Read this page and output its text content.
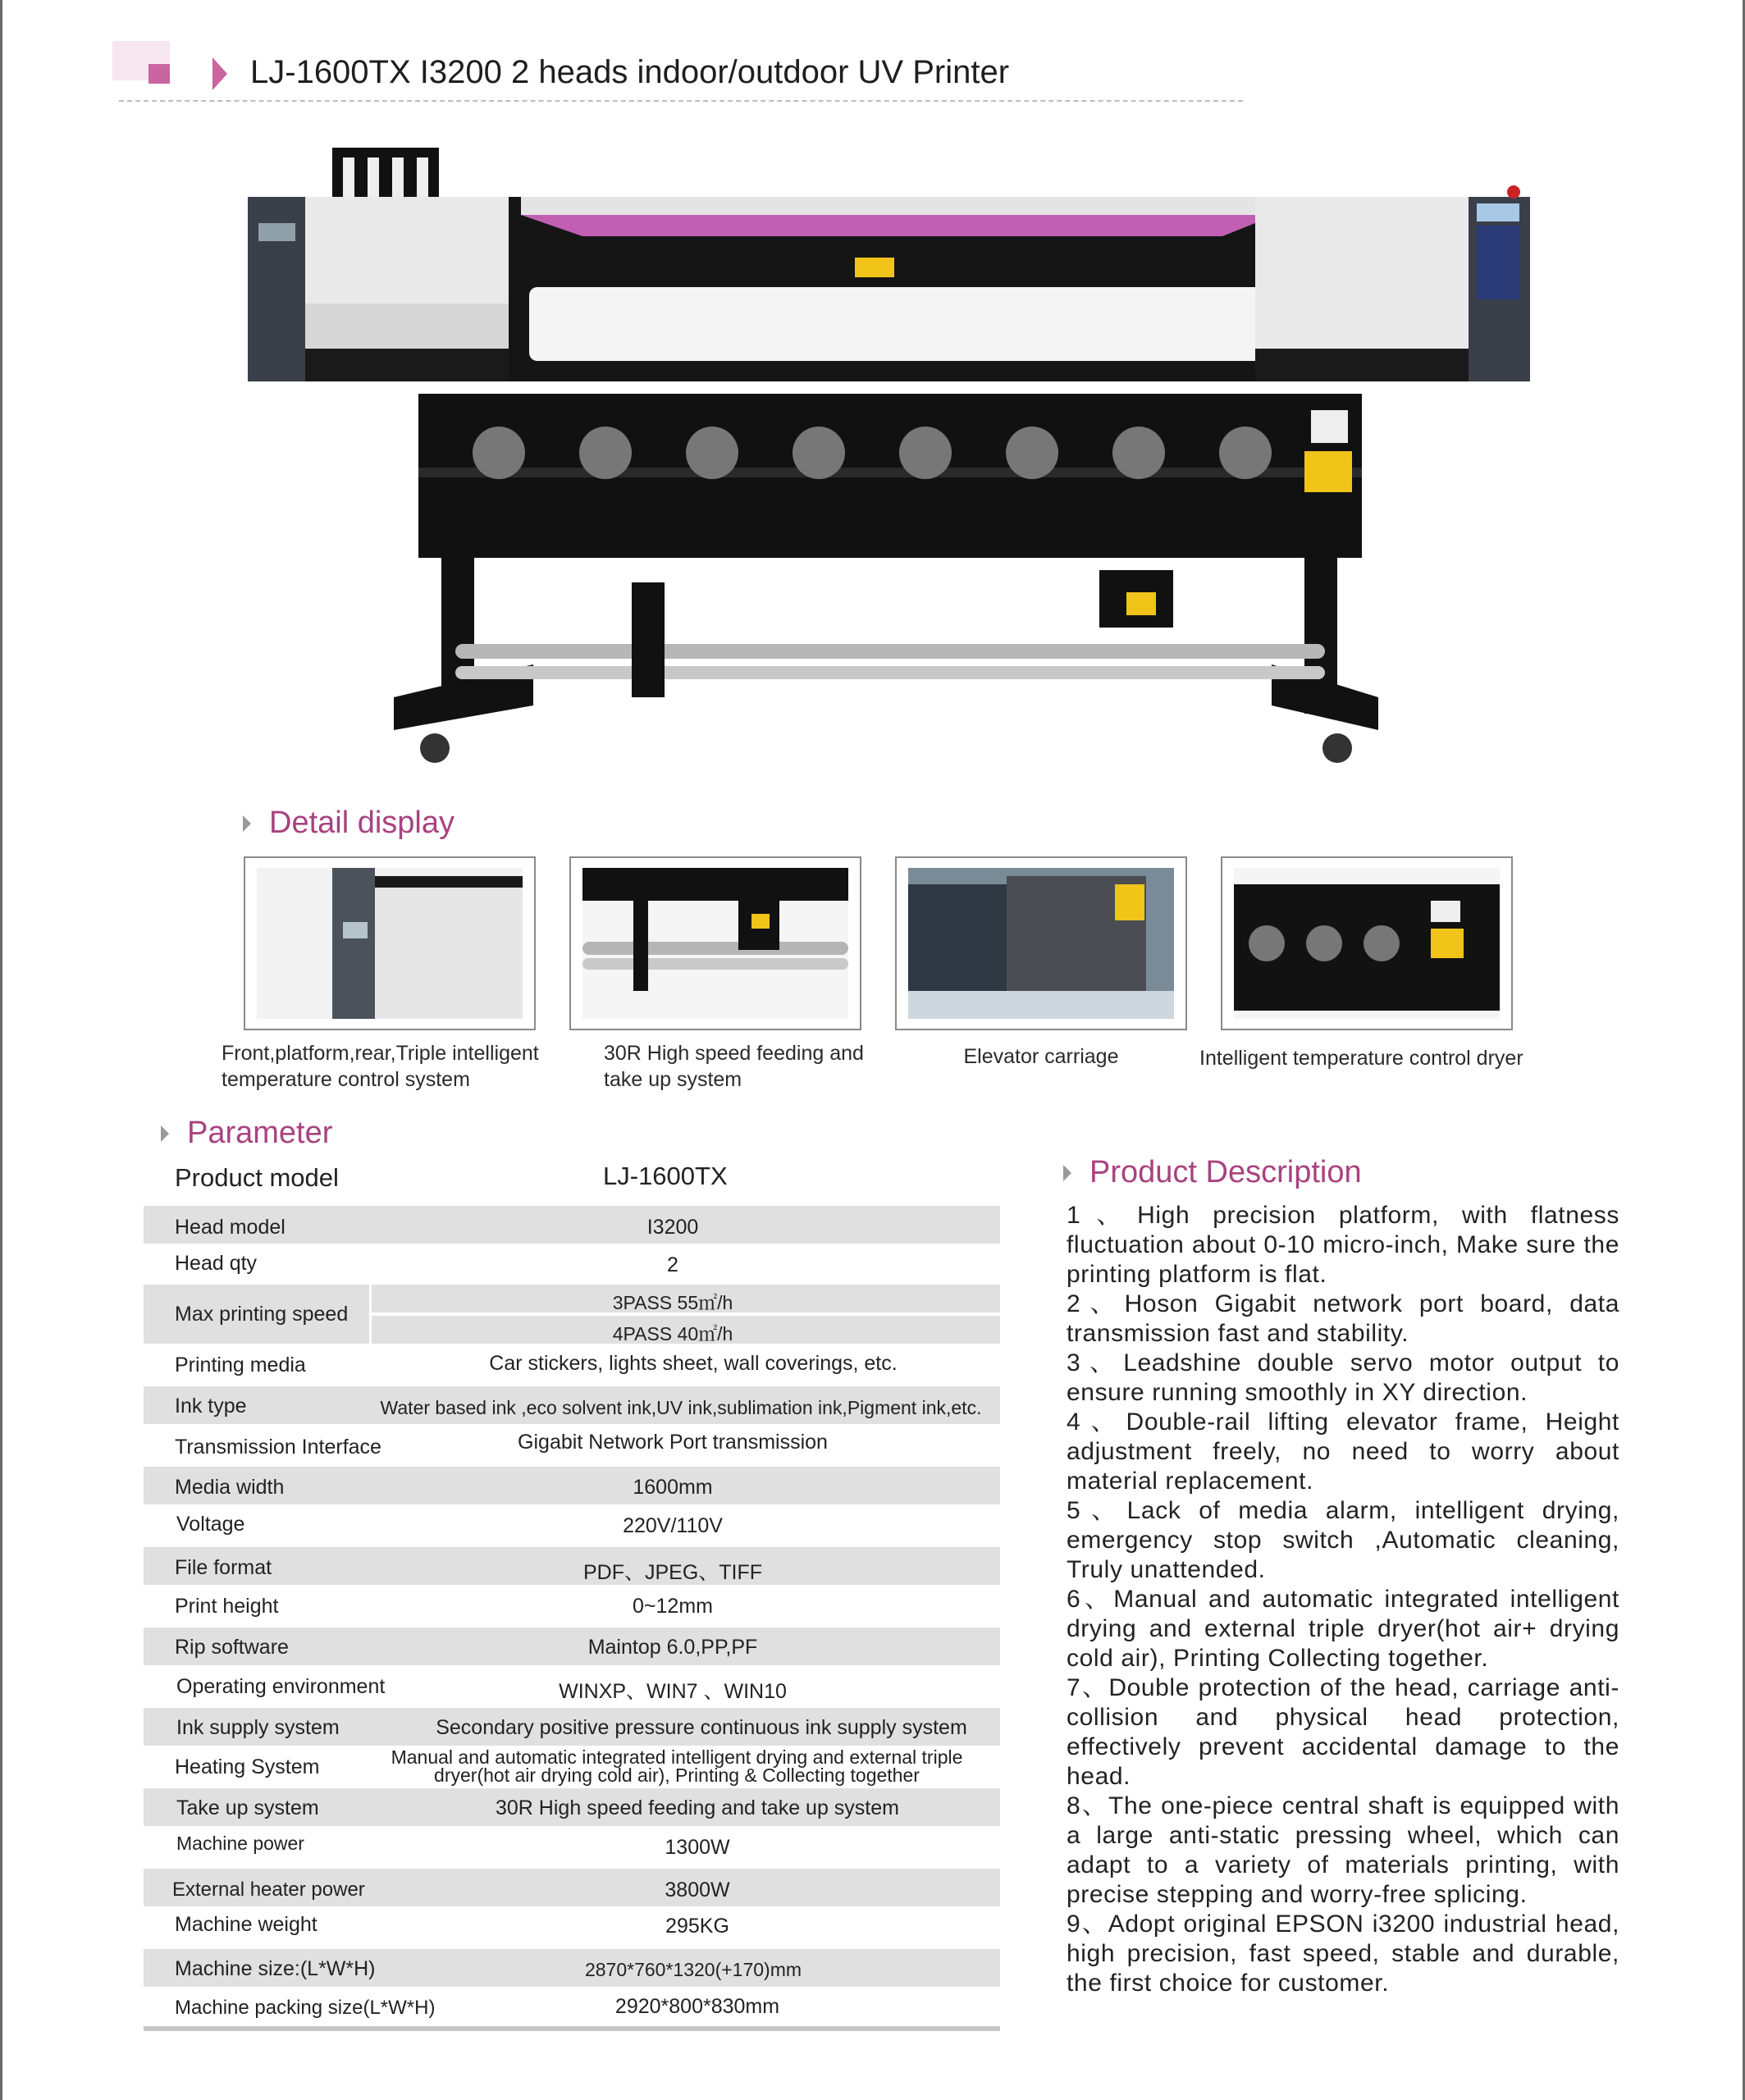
LJ-1600TX I3200 2 heads indoor/outdoor UV Printer
Detail display
Front,platform,rear,Triple intelligent temperature control system
30R High speed feeding and take up system
Elevator carriage	Intelligent temperature control dryer
Parameter
Product model	LJ-1600TX
Head model	I3200
Head qty	2
Max printing speed	3PASS 55㎡/h
4PASS 40㎡/h
Printing media	Car stickers, lights sheet, wall coverings, etc.
Ink type	Water based ink ,eco solvent ink,UV ink,sublimation ink,Pigment ink,etc.
Transmission Interface	Gigabit Network Port transmission
Media width	1600mm
Voltage	220V/110V
File format	PDF、JPEG、TIFF
Print height	0~12mm
Rip software	Maintop 6.0,PP,PF
Operating environment	WINXP、WIN7 、WIN10
Ink supply system	Secondary positive pressure continuous ink supply system
Heating System	Manual and automatic integrated intelligent drying and external triple dryer(hot air drying cold air), Printing & Collecting together
Take up system	30R High speed feeding and take up system
Machine power	1300W
External heater power	3800W
Machine weight	295KG
Machine size:(L*W*H)	2870*760*1320(+170)mm
Machine packing size(L*W*H)	2920*800*830mm
Product Description

1、High precision platform, with flatness fluctuation about 0-10 micro-inch, Make sure the printing platform is flat.

2、Hoson Gigabit network port board, data transmission fast and stability.

3、Leadshine double servo motor output to ensure running smoothly in XY direction.

4、Double-rail lifting elevator frame, Height adjustment freely, no need to worry about material replacement.

5、Lack of media alarm, intelligent drying, emergency stop switch ,Automatic cleaning, Truly unattended.

6、Manual and automatic integrated intelligent drying and external triple dryer(hot air+ drying cold air), Printing Collecting together.

7、Double protection of the head, carriage anti-collision and physical head protection, effectively prevent accidental damage to the head.

8、The one-piece central shaft is equipped with a large anti-static pressing wheel, which can adapt to a variety of materials printing, with precise stepping and worry-free splicing.

9、Adopt original EPSON i3200 industrial head, high precision, fast speed, stable and durable, the first choice for customer.
